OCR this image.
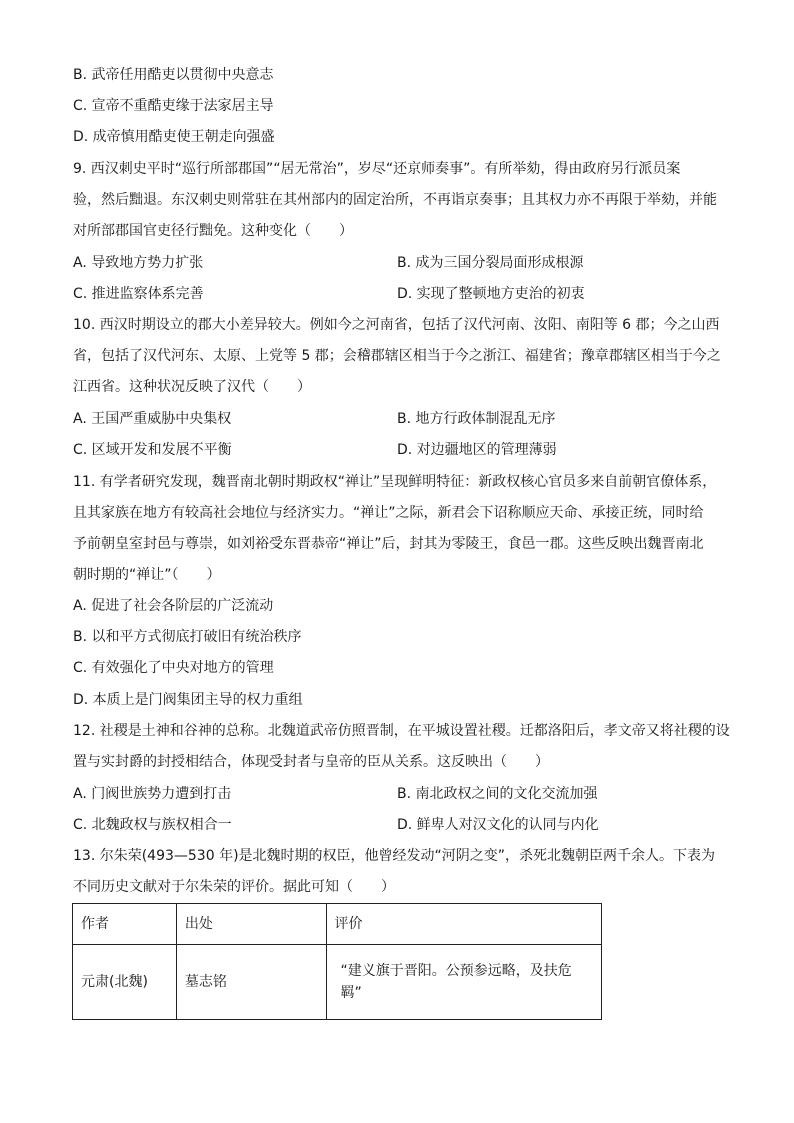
B. 武帝任用酷吏以贯彻中央意志
C. 宣帝不重酷吏缘于法家居主导
D. 成帝慎用酷吏使王朝走向强盛
9. 西汉刺史平时“巡行所部郡国”“居无常治”，岁尽“还京师奏事”。有所举劾，得由政府另行派员案
验，然后黜退。东汉刺史则常驻在其州部内的固定治所，不再诣京奏事；且其权力亦不再限于举劾，并能
对所部郡国官吏径行黜免。这种变化（　　）
A. 导致地方势力扩张	B. 成为三国分裂局面形成根源
C. 推进监察体系完善	D. 实现了整顿地方吏治的初衷
10. 西汉时期设立的郡大小差异较大。例如今之河南省，包括了汉代河南、汝阳、南阳等 6 郡；今之山西
省，包括了汉代河东、太原、上党等 5 郡；会稽郡辖区相当于今之浙江、福建省；豫章郡辖区相当于今之
江西省。这种状况反映了汉代（　　）
A. 王国严重威胁中央集权	B. 地方行政体制混乱无序
C. 区域开发和发展不平衡	D. 对边疆地区的管理薄弱
11. 有学者研究发现，魏晋南北朝时期政权“禅让”呈现鲜明特征：新政权核心官员多来自前朝官僚体系，
且其家族在地方有较高社会地位与经济实力。“禅让”之际，新君会下诏称顺应天命、承接正统，同时给
予前朝皇室封邑与尊崇，如刘裕受东晋恭帝“禅让”后，封其为零陵王，食邑一郡。这些反映出魏晋南北
朝时期的“禅让”（　　）
A. 促进了社会各阶层的广泛流动
B. 以和平方式彻底打破旧有统治秩序
C. 有效强化了中央对地方的管理
D. 本质上是门阀集团主导的权力重组
12. 社稷是土神和谷神的总称。北魏道武帝仿照晋制，在平城设置社稷。迁都洛阳后，孝文帝又将社稷的设
置与实封爵的封授相结合，体现受封者与皇帝的臣从关系。这反映出（　　）
A. 门阀世族势力遭到打击	B. 南北政权之间的文化交流加强
C. 北魏政权与族权相合一	D. 鲜卑人对汉文化的认同与内化
13. 尔朱荣(493—530 年)是北魏时期的权臣，他曾经发动“河阴之变”，杀死北魏朝臣两千余人。下表为
不同历史文献对于尔朱荣的评价。据此可知（　　）
作者	出处	评价
元肃(北魏)	墓志铭	“建义旗于晋阳。公预参远略，及扶危
羁”
